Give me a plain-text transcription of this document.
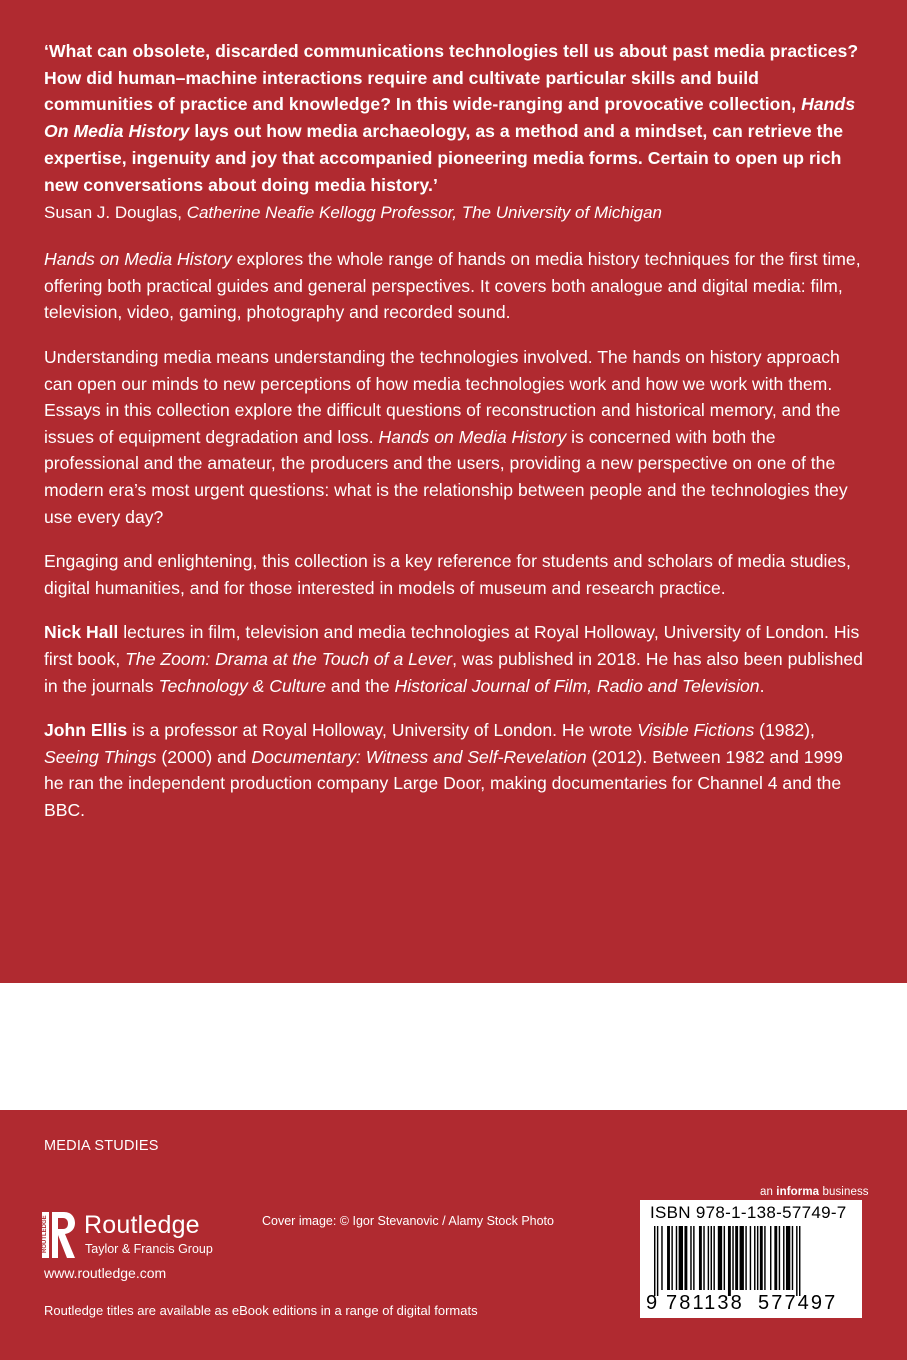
‘What can obsolete, discarded communications technologies tell us about past media practices? How did human–machine interactions require and cultivate particular skills and build communities of practice and knowledge? In this wide-ranging and provocative collection, Hands On Media History lays out how media archaeology, as a method and a mindset, can retrieve the expertise, ingenuity and joy that accompanied pioneering media forms. Certain to open up rich new conversations about doing media history.’

Susan J. Douglas, Catherine Neafie Kellogg Professor, The University of Michigan

Hands on Media History explores the whole range of hands on media history techniques for the first time, offering both practical guides and general perspectives. It covers both analogue and digital media: film, television, video, gaming, photography and recorded sound.

Understanding media means understanding the technologies involved. The hands on history approach can open our minds to new perceptions of how media technologies work and how we work with them. Essays in this collection explore the difficult questions of reconstruction and historical memory, and the issues of equipment degradation and loss. Hands on Media History is concerned with both the professional and the amateur, the producers and the users, providing a new perspective on one of the modern era’s most urgent questions: what is the relationship between people and the technologies they use every day?

Engaging and enlightening, this collection is a key reference for students and scholars of media studies, digital humanities, and for those interested in models of museum and research practice.

Nick Hall lectures in film, television and media technologies at Royal Holloway, University of London. His first book, The Zoom: Drama at the Touch of a Lever, was published in 2018. He has also been published in the journals Technology & Culture and the Historical Journal of Film, Radio and Television.

John Ellis is a professor at Royal Holloway, University of London. He wrote Visible Fictions (1982), Seeing Things (2000) and Documentary: Witness and Self-Revelation (2012). Between 1982 and 1999 he ran the independent production company Large Door, making documentaries for Channel 4 and the BBC.

MEDIA STUDIES
ROUTLEDGE Routledge
Taylor & Francis Group
www.routledge.com
Cover image: © Igor Stevanovic / Alamy Stock Photo
Routledge titles are available as eBook editions in a range of digital formats
an informa business
ISBN 978-1-138-57749-7
9 781138 577497
